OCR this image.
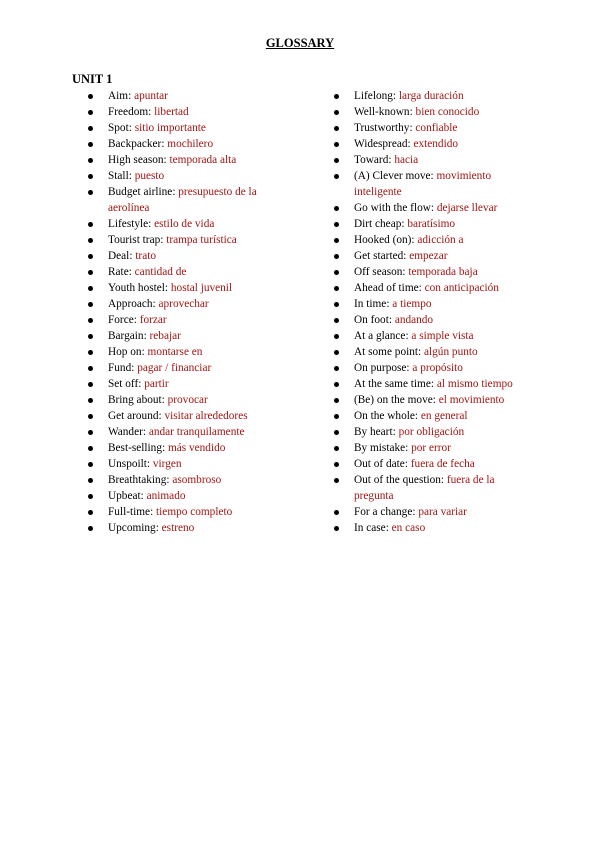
GLOSSARY
UNIT 1
Aim: apuntar
Freedom: libertad
Spot: sitio importante
Backpacker: mochilero
High season: temporada alta
Stall: puesto
Budget airline: presupuesto de la aerolínea
Lifestyle: estilo de vida
Tourist trap: trampa turística
Deal: trato
Rate: cantidad de
Youth hostel: hostal juvenil
Approach: aprovechar
Force: forzar
Bargain: rebajar
Hop on: montarse en
Fund: pagar / financiar
Set off: partir
Bring about: provocar
Get around: visitar alrededores
Wander: andar tranquilamente
Best-selling: más vendido
Unspoilt: virgen
Breathtaking: asombroso
Upbeat: animado
Full-time: tiempo completo
Upcoming: estreno
Lifelong: larga duración
Well-known: bien conocido
Trustworthy: confiable
Widespread: extendido
Toward: hacia
(A) Clever move: movimiento inteligente
Go with the flow: dejarse llevar
Dirt cheap: baratísimo
Hooked (on): adicción a
Get started: empezar
Off season: temporada baja
Ahead of time: con anticipación
In time: a tiempo
On foot: andando
At a glance: a simple vista
At some point: algún punto
On purpose: a propósito
At the same time: al mismo tiempo
(Be) on the move: el movimiento
On the whole: en general
By heart: por obligación
By mistake: por error
Out of date: fuera de fecha
Out of the question: fuera de la pregunta
For a change: para variar
In case: en caso
